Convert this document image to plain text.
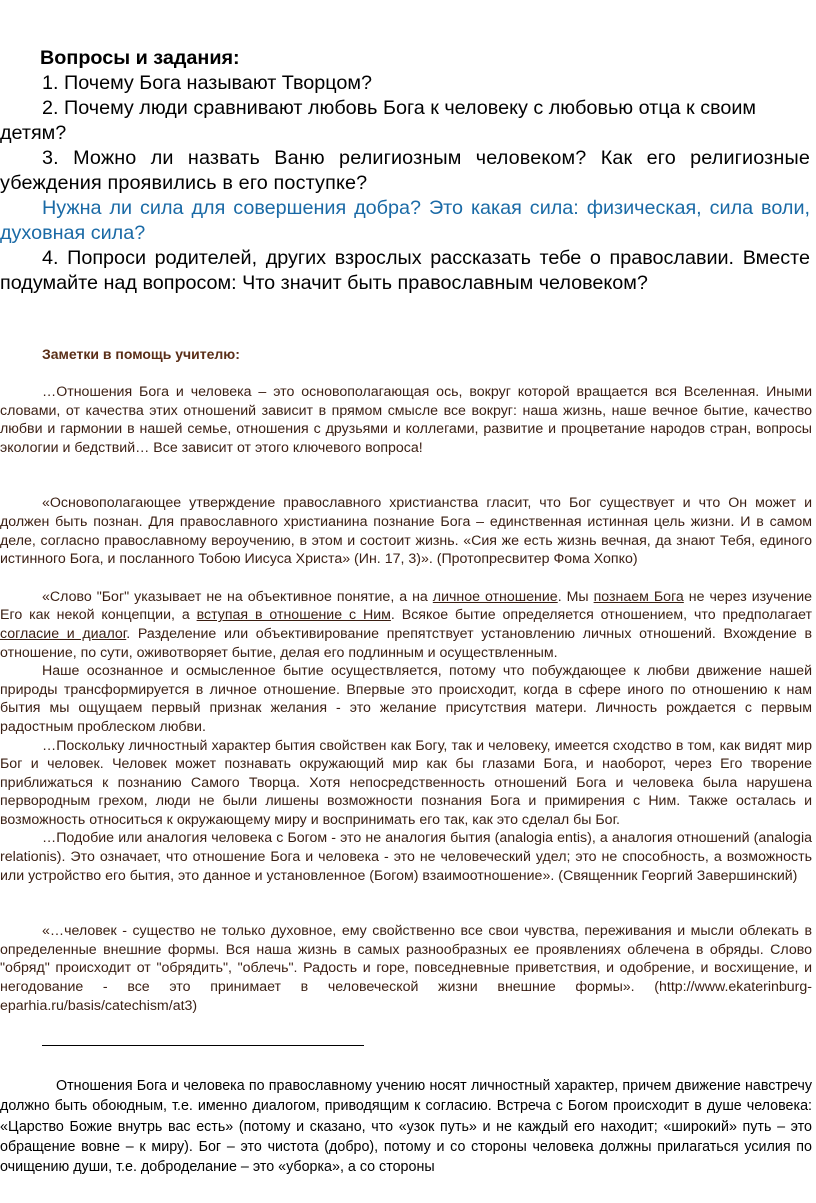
Вопросы и задания:

1. Почему Бога называют Творцом?

2. Почему люди сравнивают любовь Бога к человеку с любовью отца к своим детям?

3. Можно ли назвать Ваню религиозным человеком? Как его религиозные убеждения проявились в его поступке?

Нужна ли сила для совершения добра? Это какая сила: физическая, сила воли, духовная сила?

4. Попроси родителей, других взрослых рассказать тебе о православии. Вместе подумайте над вопросом: Что значит быть православным человеком?

Заметки в помощь учителю:

…Отношения Бога и человека – это основополагающая ось, вокруг которой вращается вся Вселенная. Иными словами, от качества этих отношений зависит в прямом смысле все вокруг: наша жизнь, наше вечное бытие, качество любви и гармонии в нашей семье, отношения с друзьями и коллегами, развитие и процветание народов стран, вопросы экологии и бедствий… Все зависит от этого ключевого вопроса!

«Основополагающее утверждение православного христианства гласит, что Бог существует и что Он может и должен быть познан. Для православного христианина познание Бога – единственная истинная цель жизни. И в самом деле, согласно православному вероучению, в этом и состоит жизнь. «Сия же есть жизнь вечная, да знают Тебя, единого истинного Бога, и посланного Тобою Иисуса Христа» (Ин. 17, 3)». (Протопресвитер Фома Хопко)

«Слово "Бог" указывает не на объективное понятие, а на личное отношение. Мы познаем Бога не через изучение Его как некой концепции, а вступая в отношение с Ним. Всякое бытие определяется отношением, что предполагает согласие и диалог. Разделение или объективирование препятствует установлению личных отношений. Вхождение в отношение, по сути, оживотворяет бытие, делая его подлинным и осуществленным.

Наше осознанное и осмысленное бытие осуществляется, потому что побуждающее к любви движение нашей природы трансформируется в личное отношение. Впервые это происходит, когда в сфере иного по отношению к нам бытия мы ощущаем первый признак желания - это желание присутствия матери. Личность рождается с первым радостным проблеском любви.

…Поскольку личностный характер бытия свойствен как Богу, так и человеку, имеется сходство в том, как видят мир Бог и человек. Человек может познавать окружающий мир как бы глазами Бога, и наоборот, через Его творение приближаться к познанию Самого Творца. Хотя непосредственность отношений Бога и человека была нарушена первородным грехом, люди не были лишены возможности познания Бога и примирения с Ним. Также осталась и возможность относиться к окружающему миру и воспринимать его так, как это сделал бы Бог.

…Подобие или аналогия человека с Богом - это не аналогия бытия (analogia entis), а аналогия отношений (analogia relationis). Это означает, что отношение Бога и человека - это не человеческий удел; это не способность, а возможность или устройство его бытия, это данное и установленное (Богом) взаимоотношение». (Священник Георгий Завершинский)

«…человек - существо не только духовное, ему свойственно все свои чувства, переживания и мысли облекать в определенные внешние формы. Вся наша жизнь в самых разнообразных ее проявлениях облечена в обряды. Слово "обряд" происходит от "обрядить", "облечь". Радость и горе, повседневные приветствия, и одобрение, и восхищение, и негодование - все это принимает в человеческой жизни внешние формы». (http://www.ekaterinburg-eparhia.ru/basis/catechism/at3)

Отношения Бога и человека по православному учению носят личностный характер, причем движение навстречу должно быть обоюдным, т.е. именно диалогом, приводящим к согласию. Встреча с Богом происходит в душе человека: «Царство Божие внутрь вас есть» (потому и сказано, что «узок путь» и не каждый его находит; «широкий» путь – это обращение вовне – к миру). Бог – это чистота (добро), потому и со стороны человека должны прилагаться усилия по очищению души, т.е. добpоделание – это «уборка», а со стороны
